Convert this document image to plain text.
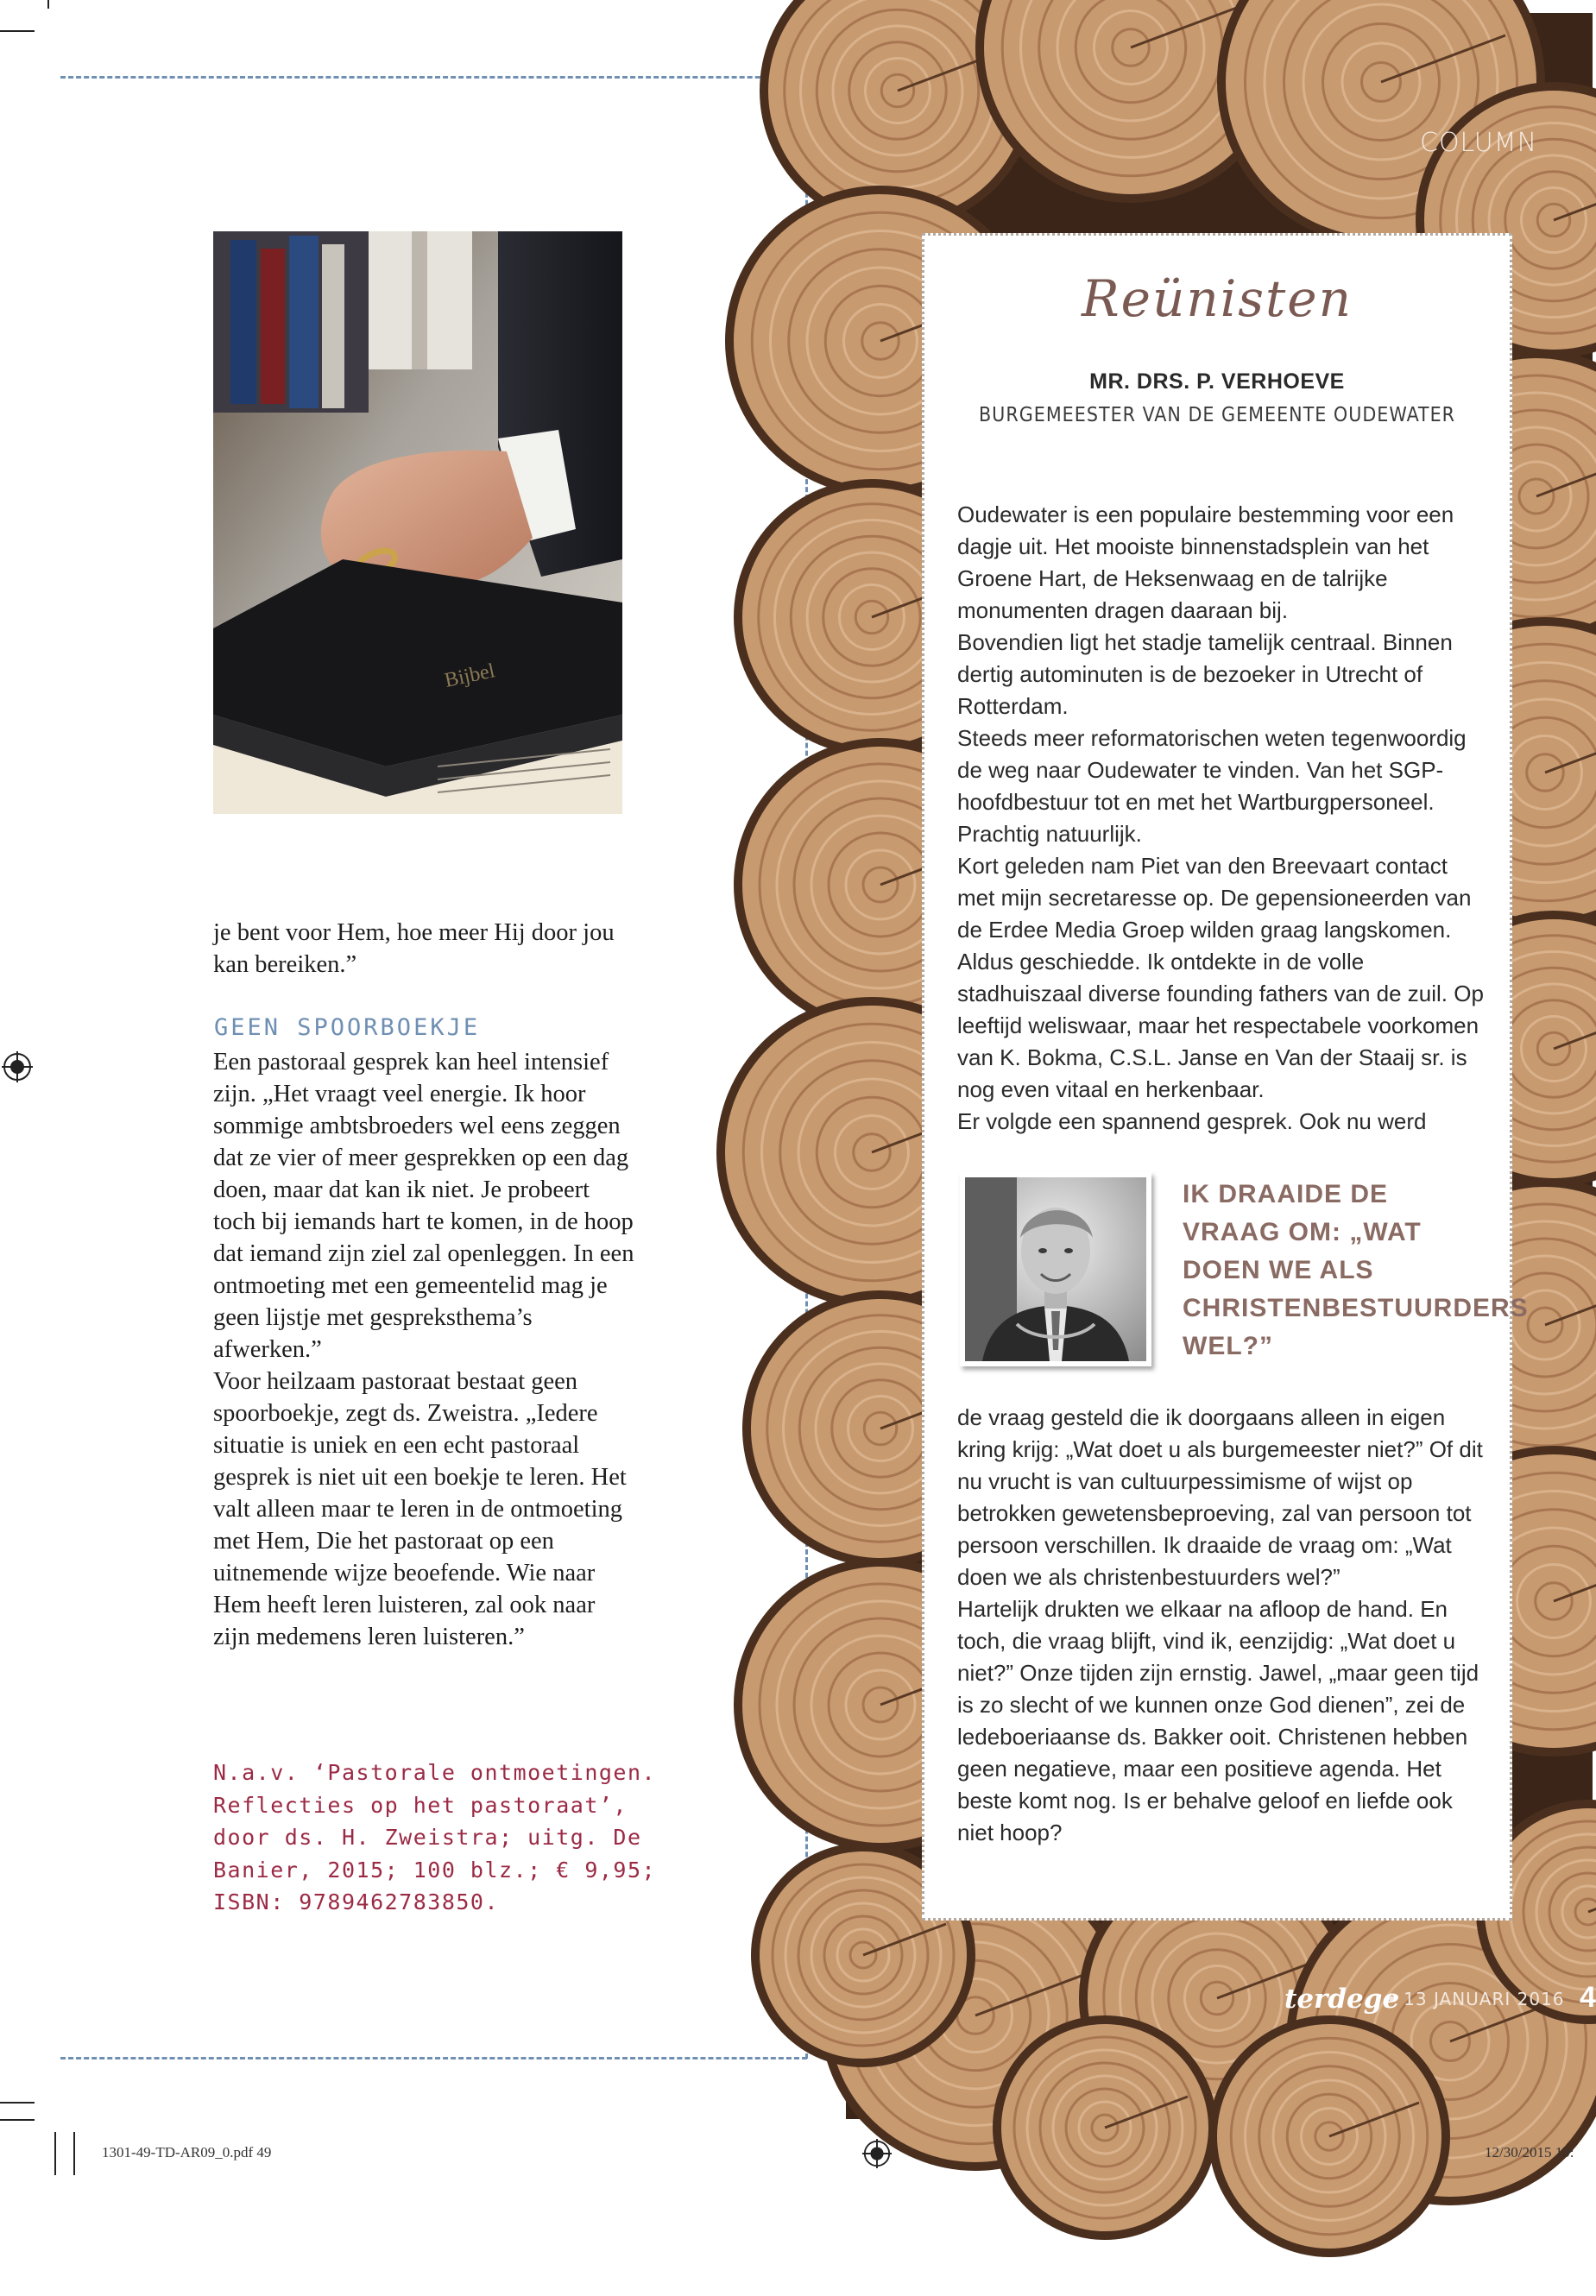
Bijbel

je bent voor Hem, hoe meer Hij door jou kan bereiken.”

GEEN SPOORBOEKJE

Een pastoraal gesprek kan heel intensief zijn. „Het vraagt veel energie. Ik hoor sommige ambtsbroeders wel eens zeggen dat ze vier of meer gesprekken op een dag doen, maar dat kan ik niet. Je probeert toch bij iemands hart te komen, in de hoop dat iemand zijn ziel zal openleggen. In een ontmoeting met een gemeentelid mag je geen lijstje met gespreksthema’s afwerken.”

Voor heilzaam pastoraat bestaat geen spoorboekje, zegt ds. Zweistra. „Iedere situatie is uniek en een echt pastoraal gesprek is niet uit een boekje te leren. Het valt alleen maar te leren in de ontmoeting met Hem, Die het pastoraat op een uitnemende wijze beoefende. Wie naar Hem heeft leren luisteren, zal ook naar zijn medemens leren luisteren.”

N.a.v. ‘Pastorale ontmoetingen. Reflecties op het pastoraat’, door ds. H. Zweistra; uitg. De Banier, 2015; 100 blz.; € 9,95; ISBN: 9789462783850.
COLUMN
Reünisten
MR. DRS. P. VERHOEVE
BURGEMEESTER VAN DE GEMEENTE OUDEWATER

Oudewater is een populaire bestemming voor een dagje uit. Het mooiste binnenstadsplein van het Groene Hart, de Heksenwaag en de talrijke monumenten dragen daaraan bij.

Bovendien ligt het stadje tamelijk centraal. Binnen dertig autominuten is de bezoeker in Utrecht of Rotterdam.

Steeds meer reformatorischen weten tegenwoordig de weg naar Oudewater te vinden. Van het SGP-hoofdbestuur tot en met het Wartburgpersoneel. Prachtig natuurlijk.

Kort geleden nam Piet van den Breevaart contact met mijn secretaresse op. De gepensioneerden van de Erdee Media Groep wilden graag langskomen. Aldus geschiedde. Ik ontdekte in de volle stadhuiszaal diverse founding fathers van de zuil. Op leeftijd weliswaar, maar het respectabele voorkomen van K. Bokma, C.S.L. Janse en Van der Staaij sr. is nog even vitaal en herkenbaar.

Er volgde een spannend gesprek. Ook nu werd

IK DRAAIDE DE VRAAG OM: „WAT DOEN WE ALS CHRISTENBESTUURDERS WEL?”

de vraag gesteld die ik doorgaans alleen in eigen kring krijg: „Wat doet u als burgemeester niet?” Of dit nu vrucht is van cultuurpessimisme of wijst op betrokken gewetensbeproeving, zal van persoon tot persoon verschillen. Ik draaide de vraag om: „Wat doen we als christenbestuurders wel?”

Hartelijk drukten we elkaar na afloop de hand. En toch, die vraag blijft, vind ik, eenzijdig: „Wat doet u niet?” Onze tijden zijn ernstig. Jawel, „maar geen tijd is zo slecht of we kunnen onze God dienen”, zei de ledeboeriaanse ds. Bakker ooit. Christenen hebben geen negatieve, maar een positieve agenda. Het beste komt nog. Is er behalve geloof en liefde ook niet hoop?

terdege
• 13 JANUARI 2016 4
1301-49-TD-AR09_0.pdf 49	12/30/2015 10:
